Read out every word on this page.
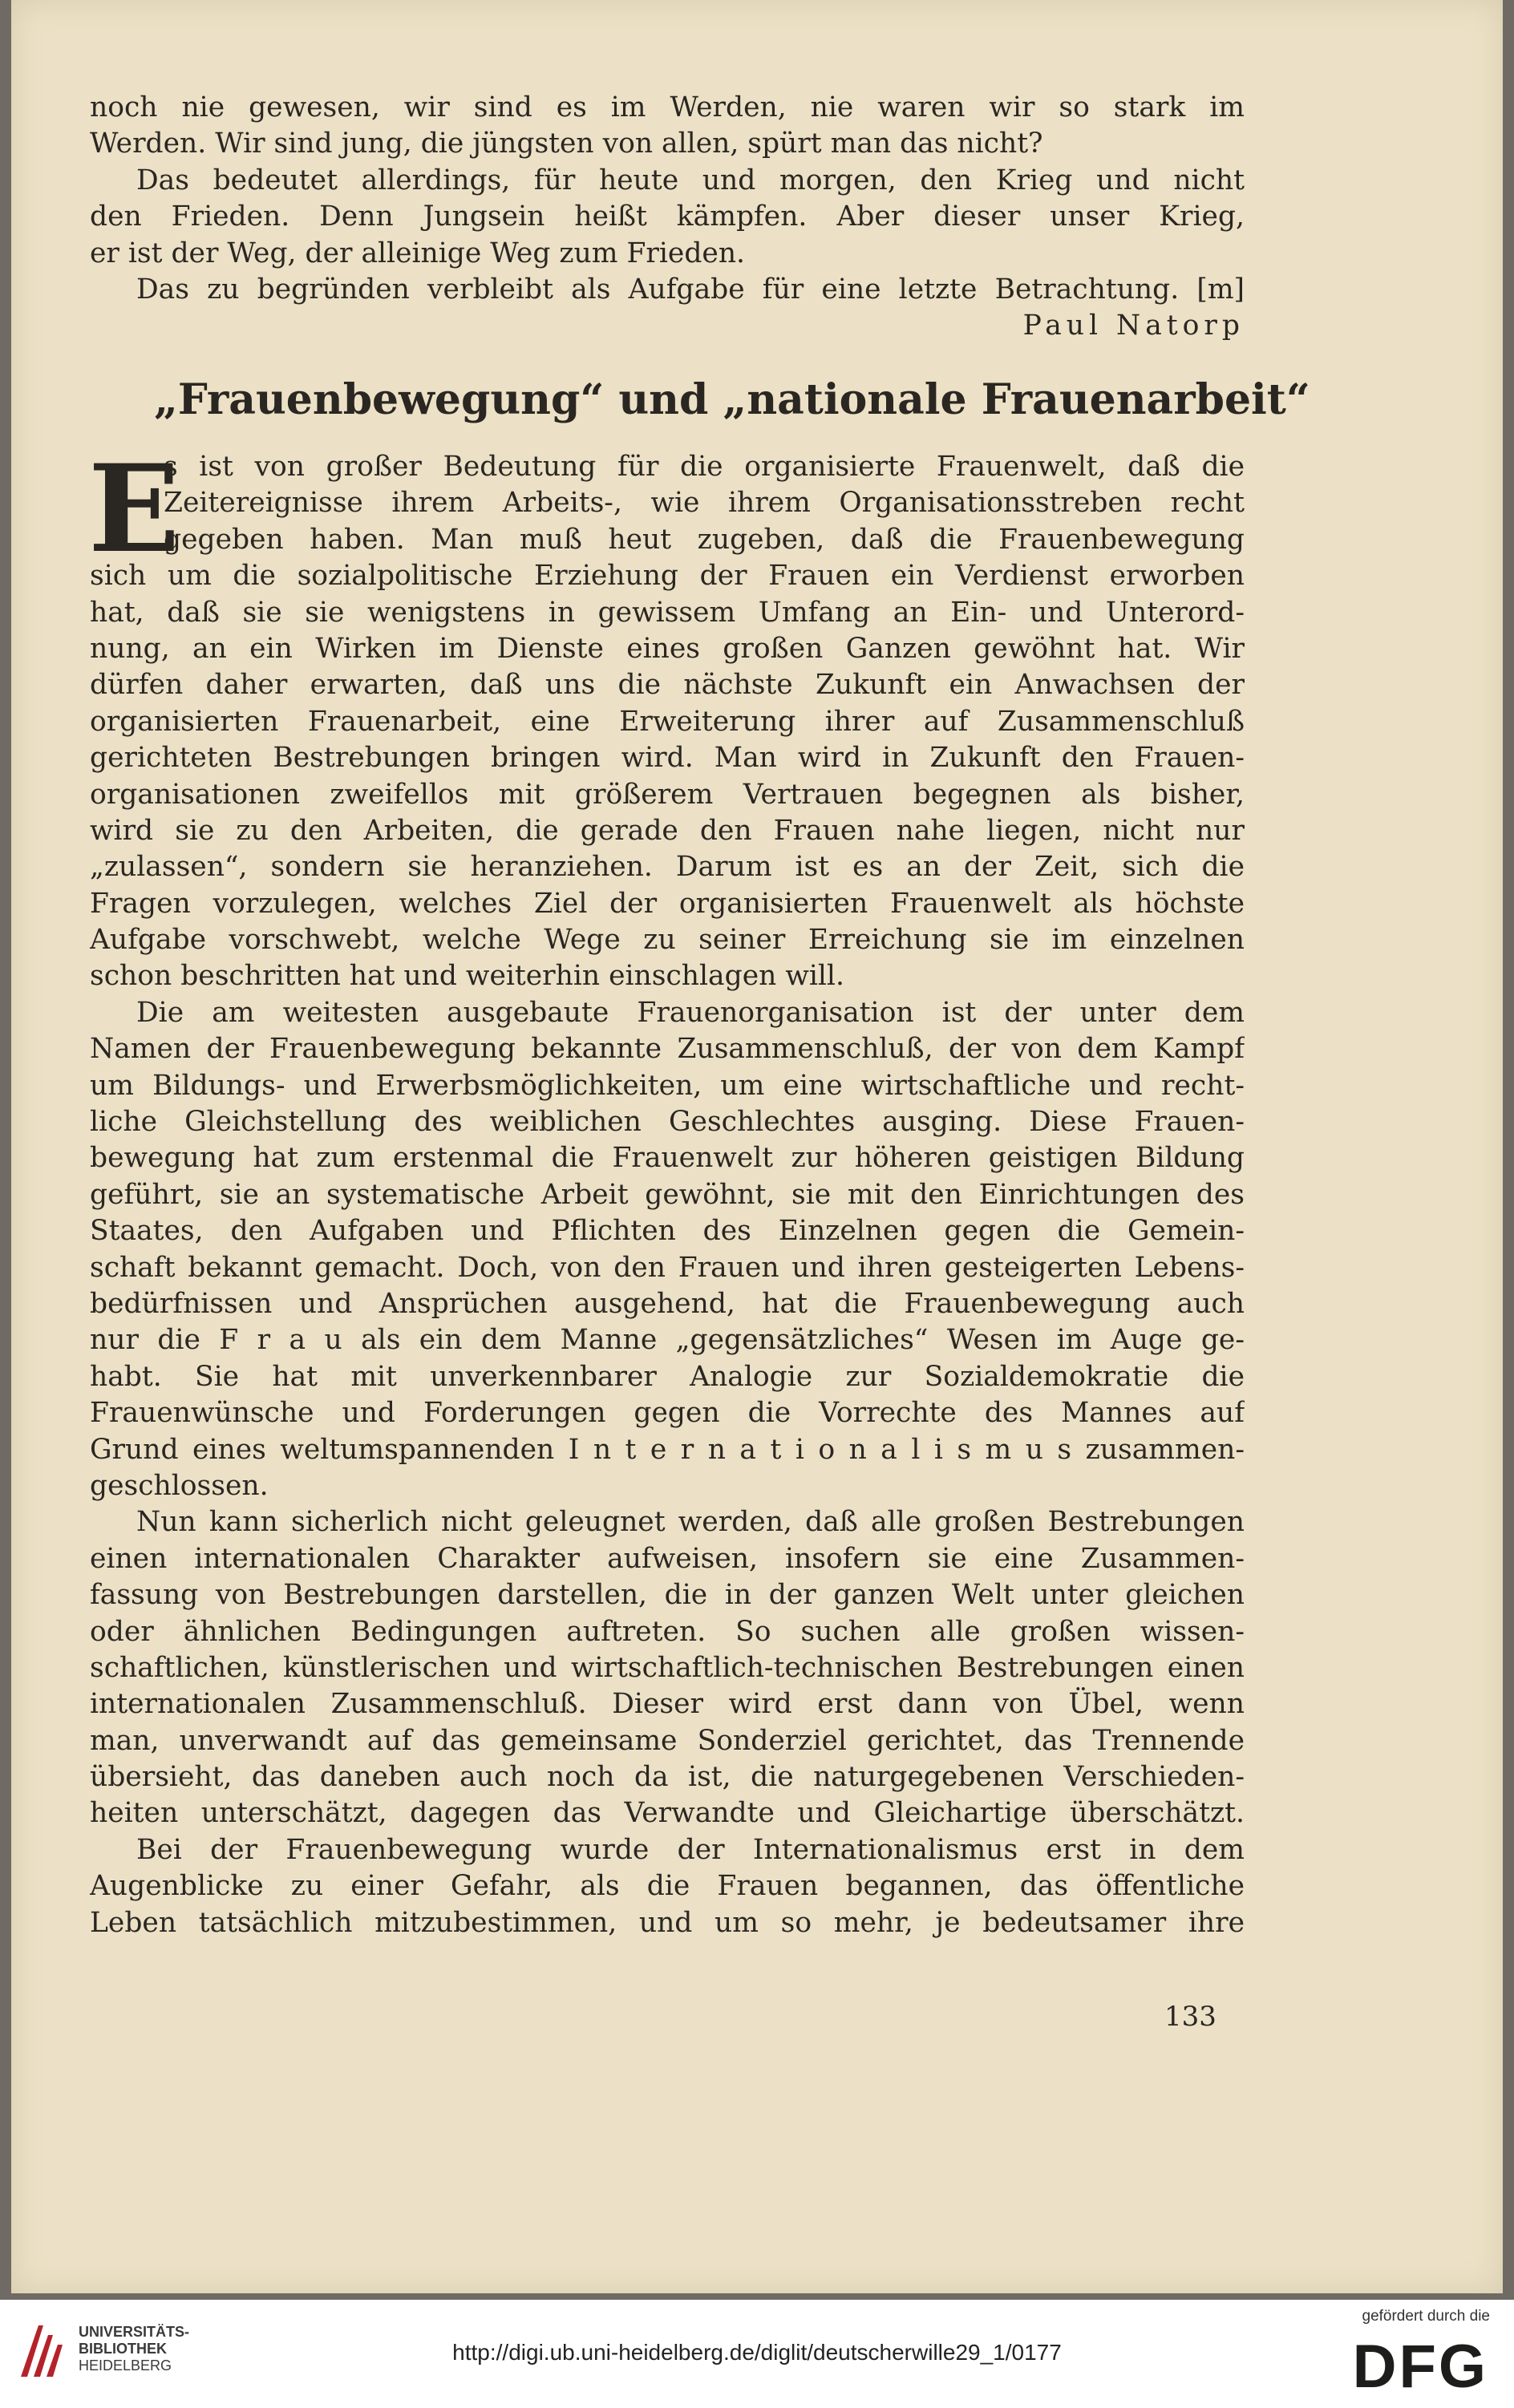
noch nie gewesen, wir sind es im Werden, nie waren wir so stark im
Werden. Wir sind jung, die jüngsten von allen, spürt man das nicht?
Das bedeutet allerdings, für heute und morgen, den Krieg und nicht
den Frieden. Denn Jungsein heißt kämpfen. Aber dieser unser Krieg,
er ist der Weg, der alleinige Weg zum Frieden.
Das zu begründen verbleibt als Aufgabe für eine letzte Betrachtung. [m]
Paul Natorp
„Frauenbewegung“ und „nationale Frauenarbeit“
E
s ist von großer Bedeutung für die organisierte Frauenwelt, daß die
Zeitereignisse ihrem Arbeits-, wie ihrem Organisationsstreben recht
gegeben haben. Man muß heut zugeben, daß die Frauenbewegung
sich um die sozialpolitische Erziehung der Frauen ein Verdienst erworben
hat, daß sie sie wenigstens in gewissem Umfang an Ein- und Unterord-
nung, an ein Wirken im Dienste eines großen Ganzen gewöhnt hat. Wir
dürfen daher erwarten, daß uns die nächste Zukunft ein Anwachsen der
organisierten Frauenarbeit, eine Erweiterung ihrer auf Zusammenschluß
gerichteten Bestrebungen bringen wird. Man wird in Zukunft den Frauen-
organisationen zweifellos mit größerem Vertrauen begegnen als bisher,
wird sie zu den Arbeiten, die gerade den Frauen nahe liegen, nicht nur
„zulassen“, sondern sie heranziehen. Darum ist es an der Zeit, sich die
Fragen vorzulegen, welches Ziel der organisierten Frauenwelt als höchste
Aufgabe vorschwebt, welche Wege zu seiner Erreichung sie im einzelnen
schon beschritten hat und weiterhin einschlagen will.
Die am weitesten ausgebaute Frauenorganisation ist der unter dem
Namen der Frauenbewegung bekannte Zusammenschluß, der von dem Kampf
um Bildungs- und Erwerbsmöglichkeiten, um eine wirtschaftliche und recht-
liche Gleichstellung des weiblichen Geschlechtes ausging. Diese Frauen-
bewegung hat zum erstenmal die Frauenwelt zur höheren geistigen Bildung
geführt, sie an systematische Arbeit gewöhnt, sie mit den Einrichtungen des
Staates, den Aufgaben und Pflichten des Einzelnen gegen die Gemein-
schaft bekannt gemacht. Doch, von den Frauen und ihren gesteigerten Lebens-
bedürfnissen und Ansprüchen ausgehend, hat die Frauenbewegung auch
nur die F r a u als ein dem Manne „gegensätzliches“ Wesen im Auge ge-
habt. Sie hat mit unverkennbarer Analogie zur Sozialdemokratie die
Frauenwünsche und Forderungen gegen die Vorrechte des Mannes auf
Grund eines weltumspannenden I n t e r n a t i o n a l i s m u s zusammen-
geschlossen.
Nun kann sicherlich nicht geleugnet werden, daß alle großen Bestrebungen
einen internationalen Charakter aufweisen, insofern sie eine Zusammen-
fassung von Bestrebungen darstellen, die in der ganzen Welt unter gleichen
oder ähnlichen Bedingungen auftreten. So suchen alle großen wissen-
schaftlichen, künstlerischen und wirtschaftlich-technischen Bestrebungen einen
internationalen Zusammenschluß. Dieser wird erst dann von Übel, wenn
man, unverwandt auf das gemeinsame Sonderziel gerichtet, das Trennende
übersieht, das daneben auch noch da ist, die naturgegebenen Verschieden-
heiten unterschätzt, dagegen das Verwandte und Gleichartige überschätzt.
Bei der Frauenbewegung wurde der Internationalismus erst in dem
Augenblicke zu einer Gefahr, als die Frauen begannen, das öffentliche
Leben tatsächlich mitzubestimmen, und um so mehr, je bedeutsamer ihre
133
UNIVERSITÄTS-
BIBLIOTHEK
HEIDELBERG
http://digi.ub.uni-heidelberg.de/diglit/deutscherwille29_1/0177
gefördert durch die
DFG
